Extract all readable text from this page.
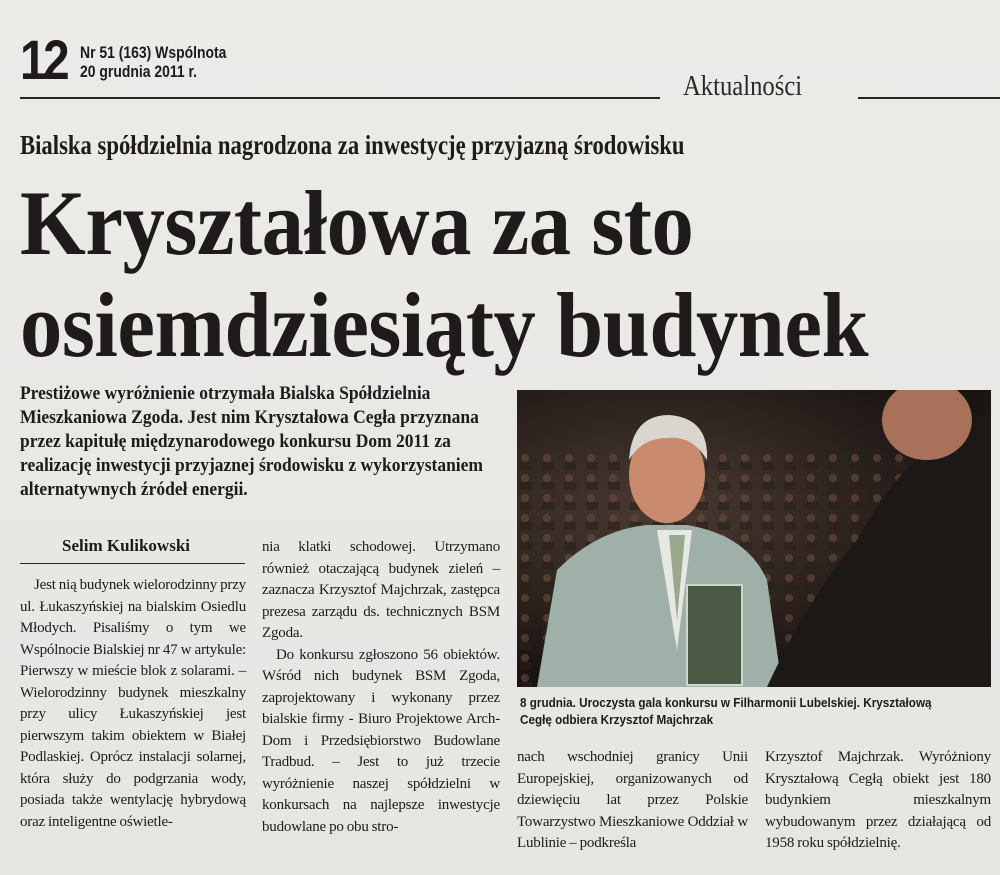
12 Nr 51 (163) Wspólnota
20 grudnia 2011 r.	Aktualności
Bialska spółdzielnia nagrodzona za inwestycję przyjazną środowisku
Kryształowa za sto
osiemdziesiąty budynek
Prestiżowe wyróżnienie otrzymała Bialska Spółdzielnia Mieszkaniowa Zgoda. Jest nim Kryształowa Cegła przyznana przez kapitułę międzynarodowego konkursu Dom 2011 za realizację inwestycji przyjaznej środowisku z wykorzystaniem alternatywnych źródeł energii.
8 grudnia. Uroczysta gala konkursu w Filharmonii Lubelskiej. Kryształową Cegłę odbiera Krzysztof Majchrzak
Selim Kulikowski

Jest nią budynek wielorodzinny przy ul. Łukaszyńskiej na bialskim Osiedlu Młodych. Pisaliśmy o tym we Wspólnocie Bialskiej nr 47 w artykule: Pierwszy w mieście blok z solarami. – Wielorodzinny budynek mieszkalny przy ulicy Łukaszyńskiej jest pierwszym takim obiektem w Białej Podlaskiej. Oprócz instalacji solarnej, która służy do podgrzania wody, posiada także wentylację hybrydową oraz inteligentne oświetle-

nia klatki schodowej. Utrzymano również otaczającą budynek zieleń – zaznacza Krzysztof Majchrzak, zastępca prezesa zarządu ds. technicznych BSM Zgoda.

Do konkursu zgłoszono 56 obiektów. Wśród nich budynek BSM Zgoda, zaprojektowany i wykonany przez bialskie firmy - Biuro Projektowe Arch-Dom i Przedsiębiorstwo Budowlane Tradbud. – Jest to już trzecie wyróżnienie naszej spółdzielni w konkursach na najlepsze inwestycje budowlane po obu stro-

nach wschodniej granicy Unii Europejskiej, organizowanych od dziewięciu lat przez Polskie Towarzystwo Mieszkaniowe Oddział w Lublinie – podkreśla

Krzysztof Majchrzak. Wyróżniony Kryształową Cegłą obiekt jest 180 budynkiem mieszkalnym wybudowanym przez działającą od 1958 roku spółdzielnię.
